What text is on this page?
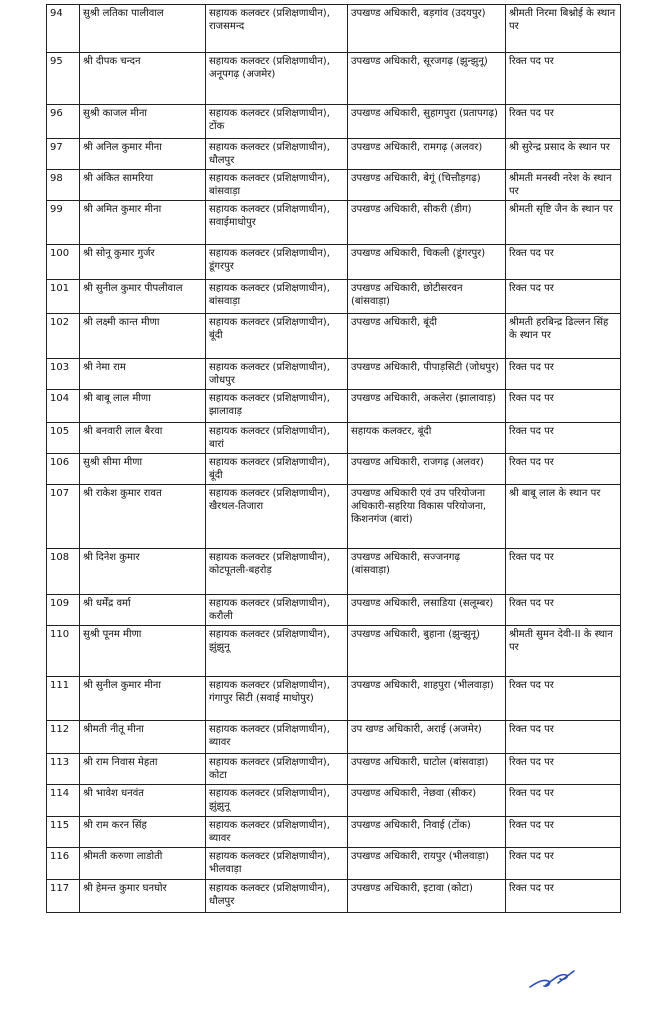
94	सुश्री लतिका पालीवाल	सहायक कलक्टर (प्रशिक्षणाधीन), राजसमन्द	उपखण्ड अधिकारी, बड़गांव (उदयपुर)	श्रीमती निरमा बिश्नोई के स्थान पर
95	श्री दीपक चन्दन	सहायक कलक्टर (प्रशिक्षणाधीन), अनूपगढ़ (अजमेर)	उपखण्ड अधिकारी, सूरजगढ़ (झुन्झुनू)	रिक्त पद पर
96	सुश्री काजल मीना	सहायक कलक्टर (प्रशिक्षणाधीन), टोंक	उपखण्ड अधिकारी, सुहागपुरा (प्रतापगढ़)	रिक्त पद पर
97	श्री अनिल कुमार मीना	सहायक कलक्टर (प्रशिक्षणाधीन), धौलपुर	उपखण्ड अधिकारी, रामगढ़ (अलवर)	श्री सुरेन्द्र प्रसाद के स्थान पर
98	श्री अंकित सामरिया	सहायक कलक्टर (प्रशिक्षणाधीन), बांसवाड़ा	उपखण्ड अधिकारी, बेगूं (चित्तौड़गढ़)	श्रीमती मनस्वी नरेश के स्थान पर
99	श्री अमित कुमार मीना	सहायक कलक्टर (प्रशिक्षणाधीन), सवाईमाधोपुर	उपखण्ड अधिकारी, सीकरी (डीग)	श्रीमती सृष्टि जैन के स्थान पर
100	श्री सोनू कुमार गुर्जर	सहायक कलक्टर (प्रशिक्षणाधीन), डूंगरपुर	उपखण्ड अधिकारी, चिकली (डूंगरपुर)	रिक्त पद पर
101	श्री सुनील कुमार पीपलीवाल	सहायक कलक्टर (प्रशिक्षणाधीन), बांसवाड़ा	उपखण्ड अधिकारी, छोटीसरवन (बांसवाड़ा)	रिक्त पद पर
102	श्री लक्ष्मी कान्त मीणा	सहायक कलक्टर (प्रशिक्षणाधीन), बूंदी	उपखण्ड अधिकारी, बूंदी	श्रीमती हरबिन्द्र ढिल्लन सिंह के स्थान पर
103	श्री नेमा राम	सहायक कलक्टर (प्रशिक्षणाधीन), जोधपुर	उपखण्ड अधिकारी, पीपाड़सिटी (जोधपुर)	रिक्त पद पर
104	श्री बाबू लाल मीणा	सहायक कलक्टर (प्रशिक्षणाधीन), झालावाड़	उपखण्ड अधिकारी, अकलेरा (झालावाड़)	रिक्त पद पर
105	श्री बनवारी लाल बैरवा	सहायक कलक्टर (प्रशिक्षणाधीन), बारां	सहायक कलक्टर, बूंदी	रिक्त पद पर
106	सुश्री सीमा मीणा	सहायक कलक्टर (प्रशिक्षणाधीन), बूंदी	उपखण्ड अधिकारी, राजगढ़ (अलवर)	रिक्त पद पर
107	श्री राकेश कुमार रावत	सहायक कलक्टर (प्रशिक्षणाधीन), खैरथल-तिजारा	उपखण्ड अधिकारी एवं उप परियोजना अधिकारी-सहरिया विकास परियोजना, किशनगंज (बारां)	श्री बाबू लाल के स्थान पर
108	श्री दिनेश कुमार	सहायक कलक्टर (प्रशिक्षणाधीन), कोटपूतली-बहरोड़	उपखण्ड अधिकारी, सज्जनगढ़ (बांसवाड़ा)	रिक्त पद पर
109	श्री धर्मेंद्र वर्मा	सहायक कलक्टर (प्रशिक्षणाधीन), करौली	उपखण्ड अधिकारी, लसाडिया (सलूम्बर)	रिक्त पद पर
110	सुश्री पूनम मीणा	सहायक कलक्टर (प्रशिक्षणाधीन), झुंझुनू	उपखण्ड अधिकारी, बुहाना (झुन्झुनू)	श्रीमती सुमन देवी-II के स्थान पर
111	श्री सुनील कुमार मीना	सहायक कलक्टर (प्रशिक्षणाधीन), गंगापुर सिटी (सवाई माधोपुर)	उपखण्ड अधिकारी, शाहपुरा (भीलवाड़ा)	रिक्त पद पर
112	श्रीमती नीतू मीना	सहायक कलक्टर (प्रशिक्षणाधीन), ब्यावर	उप खण्ड अधिकारी, अराई (अजमेर)	रिक्त पद पर
113	श्री राम निवास मेहता	सहायक कलक्टर (प्रशिक्षणाधीन), कोटा	उपखण्ड अधिकारी, घाटोल (बांसवाड़ा)	रिक्त पद पर
114	श्री भावेश धनवंत	सहायक कलक्टर (प्रशिक्षणाधीन), झुंझुनू	उपखण्ड अधिकारी, नेछवा (सीकर)	रिक्त पद पर
115	श्री राम करन सिंह	सहायक कलक्टर (प्रशिक्षणाधीन), ब्यावर	उपखण्ड अधिकारी, निवाई (टोंक)	रिक्त पद पर
116	श्रीमती करुणा लाडोती	सहायक कलक्टर (प्रशिक्षणाधीन), भीलवाड़ा	उपखण्ड अधिकारी, रायपुर (भीलवाड़ा)	रिक्त पद पर
117	श्री हेमन्त कुमार घनघोर	सहायक कलक्टर (प्रशिक्षणाधीन), धौलपुर	उपखण्ड अधिकारी, इटावा (कोटा)	रिक्त पद पर
